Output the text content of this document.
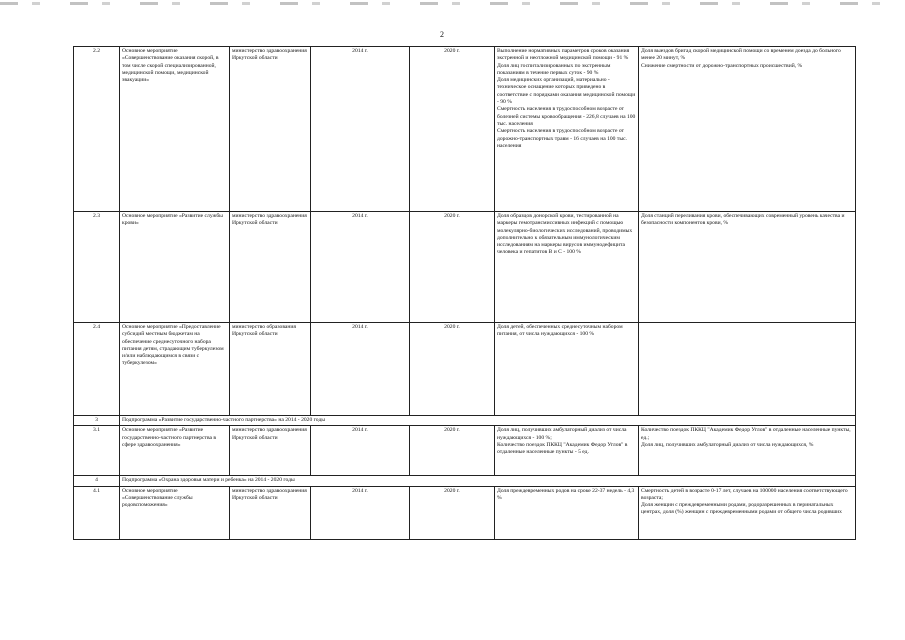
2
2.2	Основное мероприятие «Совершенствование оказания скорой, в том числе скорой специализированной, медицинской помощи, медицинской эвакуации»	министерство здравоохранения Иркутской области	2014 г.	2020 г.	Выполнение нормативных параметров сроков оказания экстренной и неотложной медицинской помощи - 91 %
Доля лиц госпитализированных по экстренным показаниям в течение первых суток - 90 %
Доля медицинских организаций, материально - техническое оснащение которых приведено в соответствие с порядками оказания медицинской помощи - 90 %
Смертность населения в трудоспособном возрасте от болезней системы кровообращения - 226,8 случаев на 100 тыс. населения
Смертность населения в трудоспособном возрасте от дорожно-транспортных травм - 16 случаев на 100 тыс. населения	Доля выездов бригад скорой медицинской помощи со временем доезда до больного менее 20 минут, %
Снижение смертности от дорожно-транспортных происшествий, %
2.3	Основное мероприятие «Развитие службы крови»	министерство здравоохранения Иркутской области	2014 г.	2020 г.	Доля образцов донорской крови, тестированной на маркеры гемотрансмиссивных инфекций с помощью молекулярно-биологических исследований, проводимых дополнительно к обязательным иммунологическим исследованиям на маркеры вирусов иммунодефицита человека и гепатитов В и С - 100 %	Доля станций переливания крови, обеспечивающих современный уровень качества и безопасности компонентов крови, %
2.4	Основное мероприятие «Предоставление субсидий местным бюджетам на обеспечение среднесуточного набора питания детям, страдающим туберкулезом и/или наблюдающимся в связи с туберкулезом»	министерство образования Иркутской области	2014 г.	2020 г.	Доля детей, обеспеченных среднесуточным набором питания, от числа нуждающихся - 100 %	
3	Подпрограмма «Развитие государственно-частного партнерства» на 2014 - 2020 годы					
3.1	Основное мероприятие «Развитие государственно-частного партнерства в сфере здравоохранения»	министерство здравоохранения Иркутской области	2014 г.	2020 г.	Доля лиц, получивших амбулаторный диализ от числа нуждающихся - 100 %;
Количество поездок ПККЦ "Академик Федор Углов" в отдаленные населенные пункты - 5 ед.	Количество поездок ПККЦ "Академик Федор Углов" в отдаленные населенные пункты, ед.;
Доля лиц, получивших амбулаторный диализ от числа нуждающихся, %
4	Подпрограмма «Охрана здоровья матери и ребенка» на 2014 - 2020 годы					
4.1	Основное мероприятие «Совершенствование службы родовспоможения»	министерство здравоохранения Иркутской области	2014 г.	2020 г.	Доля преждевременных родов на сроке 22-37 недель - 4,3 %	Смертность детей в возрасте 0-17 лет, случаев на 100000 населения соответствующего возраста;
Доля женщин с преждевременными родами, родоразрешенных в перинатальных центрах, доля (%) женщин с преждевременными родами от общего числа родивших
